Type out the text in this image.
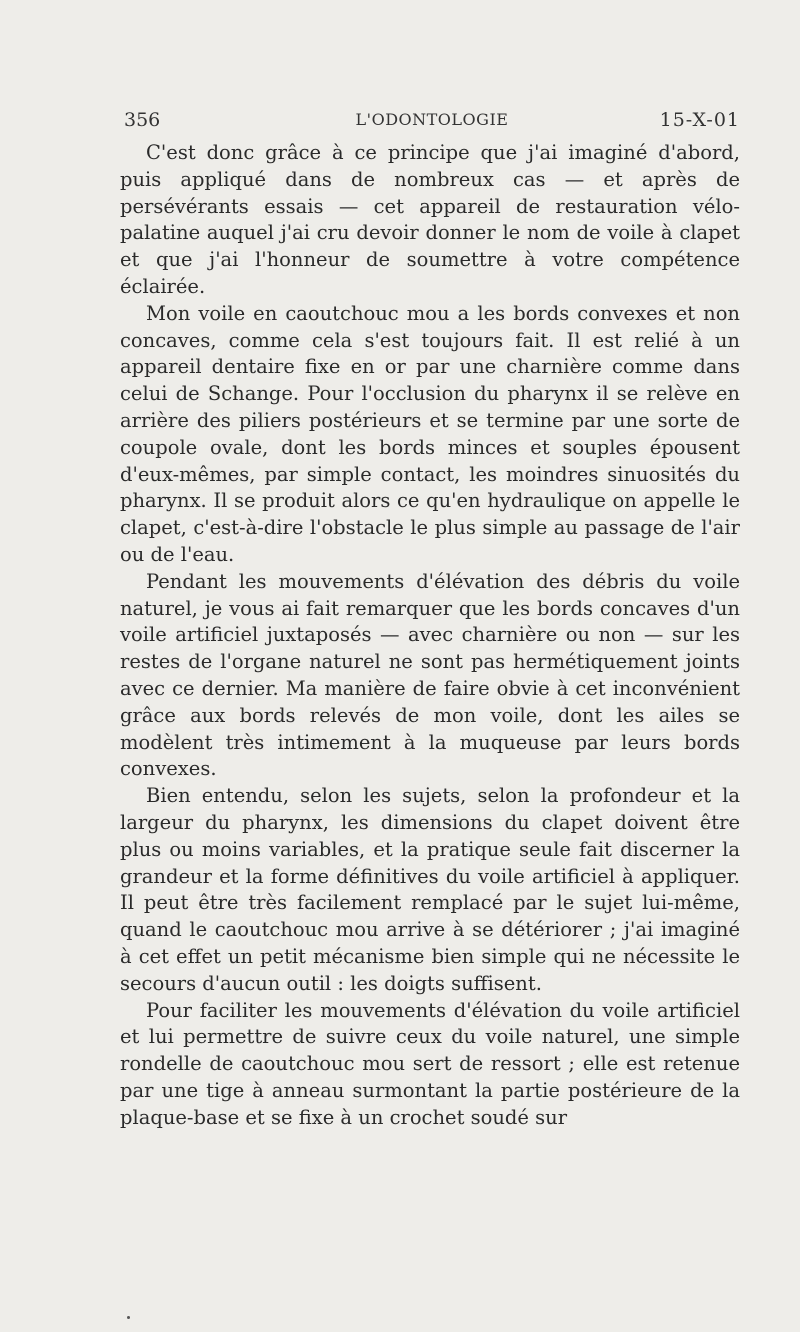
356	L'ODONTOLOGIE	15-X-01

C'est donc grâce à ce principe que j'ai imaginé d'abord, puis appliqué dans de nombreux cas — et après de persévérants essais — cet appareil de restauration vélo-palatine auquel j'ai cru devoir donner le nom de voile à clapet et que j'ai l'honneur de soumettre à votre compétence éclairée.

Mon voile en caoutchouc mou a les bords convexes et non concaves, comme cela s'est toujours fait. Il est relié à un appareil dentaire fixe en or par une charnière comme dans celui de Schange. Pour l'occlusion du pharynx il se relève en arrière des piliers postérieurs et se termine par une sorte de coupole ovale, dont les bords minces et souples épousent d'eux-mêmes, par simple contact, les moindres sinuosités du pharynx. Il se produit alors ce qu'en hydraulique on appelle le clapet, c'est-à-dire l'obstacle le plus simple au passage de l'air ou de l'eau.

Pendant les mouvements d'élévation des débris du voile naturel, je vous ai fait remarquer que les bords concaves d'un voile artificiel juxtaposés — avec charnière ou non — sur les restes de l'organe naturel ne sont pas hermétiquement joints avec ce dernier. Ma manière de faire obvie à cet inconvénient grâce aux bords relevés de mon voile, dont les ailes se modèlent très intimement à la muqueuse par leurs bords convexes.

Bien entendu, selon les sujets, selon la profondeur et la largeur du pharynx, les dimensions du clapet doivent être plus ou moins variables, et la pratique seule fait discerner la grandeur et la forme définitives du voile artificiel à appliquer. Il peut être très facilement remplacé par le sujet lui-même, quand le caoutchouc mou arrive à se détériorer ; j'ai imaginé à cet effet un petit mécanisme bien simple qui ne nécessite le secours d'aucun outil : les doigts suffisent.

Pour faciliter les mouvements d'élévation du voile artificiel et lui permettre de suivre ceux du voile naturel, une simple rondelle de caoutchouc mou sert de ressort ; elle est retenue par une tige à anneau surmontant la partie postérieure de la plaque-base et se fixe à un crochet soudé sur
